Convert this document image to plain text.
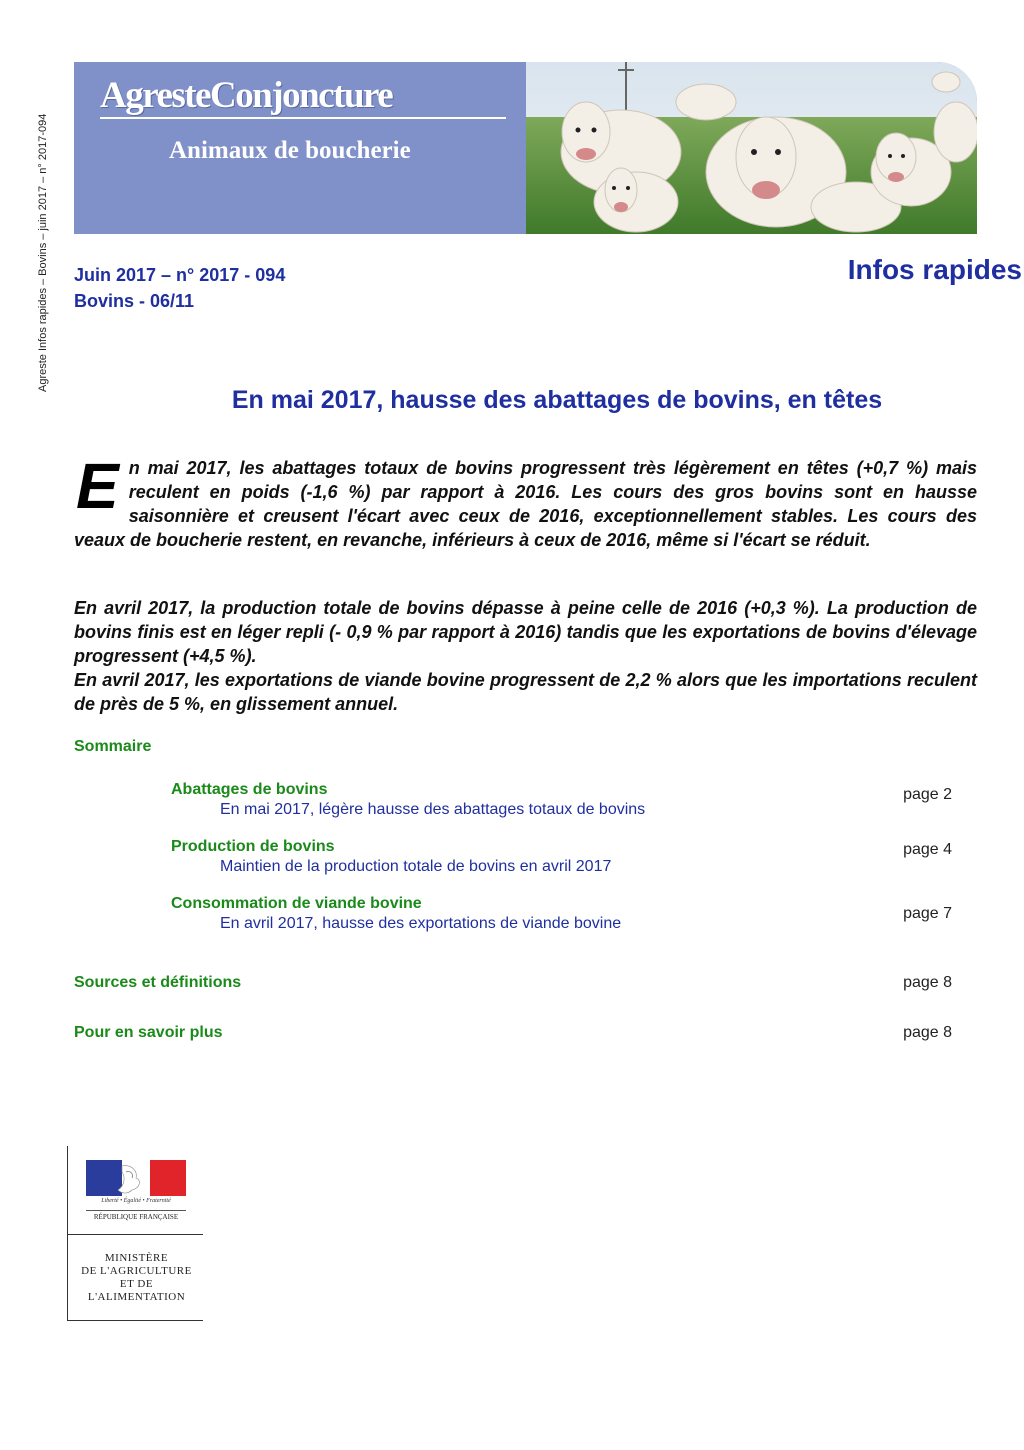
Agreste Infos rapides – Bovins – juin 2017 – n° 2017-094
AgresteConjoncture
Animaux de boucherie
Juin 2017 – n° 2017 - 094
Bovins - 06/11
Infos rapides
En mai 2017, hausse des abattages de bovins, en têtes
En mai 2017, les abattages totaux de bovins progressent très légèrement en têtes (+0,7 %) mais reculent en poids (-1,6 %) par rapport à 2016. Les cours des gros bovins sont en hausse saisonnière et creusent l'écart avec ceux de 2016, exceptionnellement stables. Les cours des veaux de boucherie restent, en revanche, inférieurs à ceux de 2016, même si l'écart se réduit.
En avril 2017, la production totale de bovins dépasse à peine celle de 2016 (+0,3 %). La production de bovins finis est en léger repli (- 0,9 % par rapport à 2016) tandis que les exportations de bovins d'élevage progressent (+4,5 %).
En avril 2017, les exportations de viande bovine progressent de 2,2 % alors que les importations reculent de près de 5 %, en glissement annuel.
Sommaire
Abattages de bovins
En mai 2017, légère hausse des abattages totaux de bovins
page 2
Production de bovins
Maintien de la production totale de bovins en avril 2017
page 4
Consommation de viande bovine
En avril 2017, hausse des exportations de viande bovine
page 7
Sources et définitions	page 8
Pour en savoir plus	page 8
Liberté • Égalité • Fraternité
RÉPUBLIQUE FRANÇAISE
MINISTÈRE
DE L'AGRICULTURE
ET DE
L'ALIMENTATION
